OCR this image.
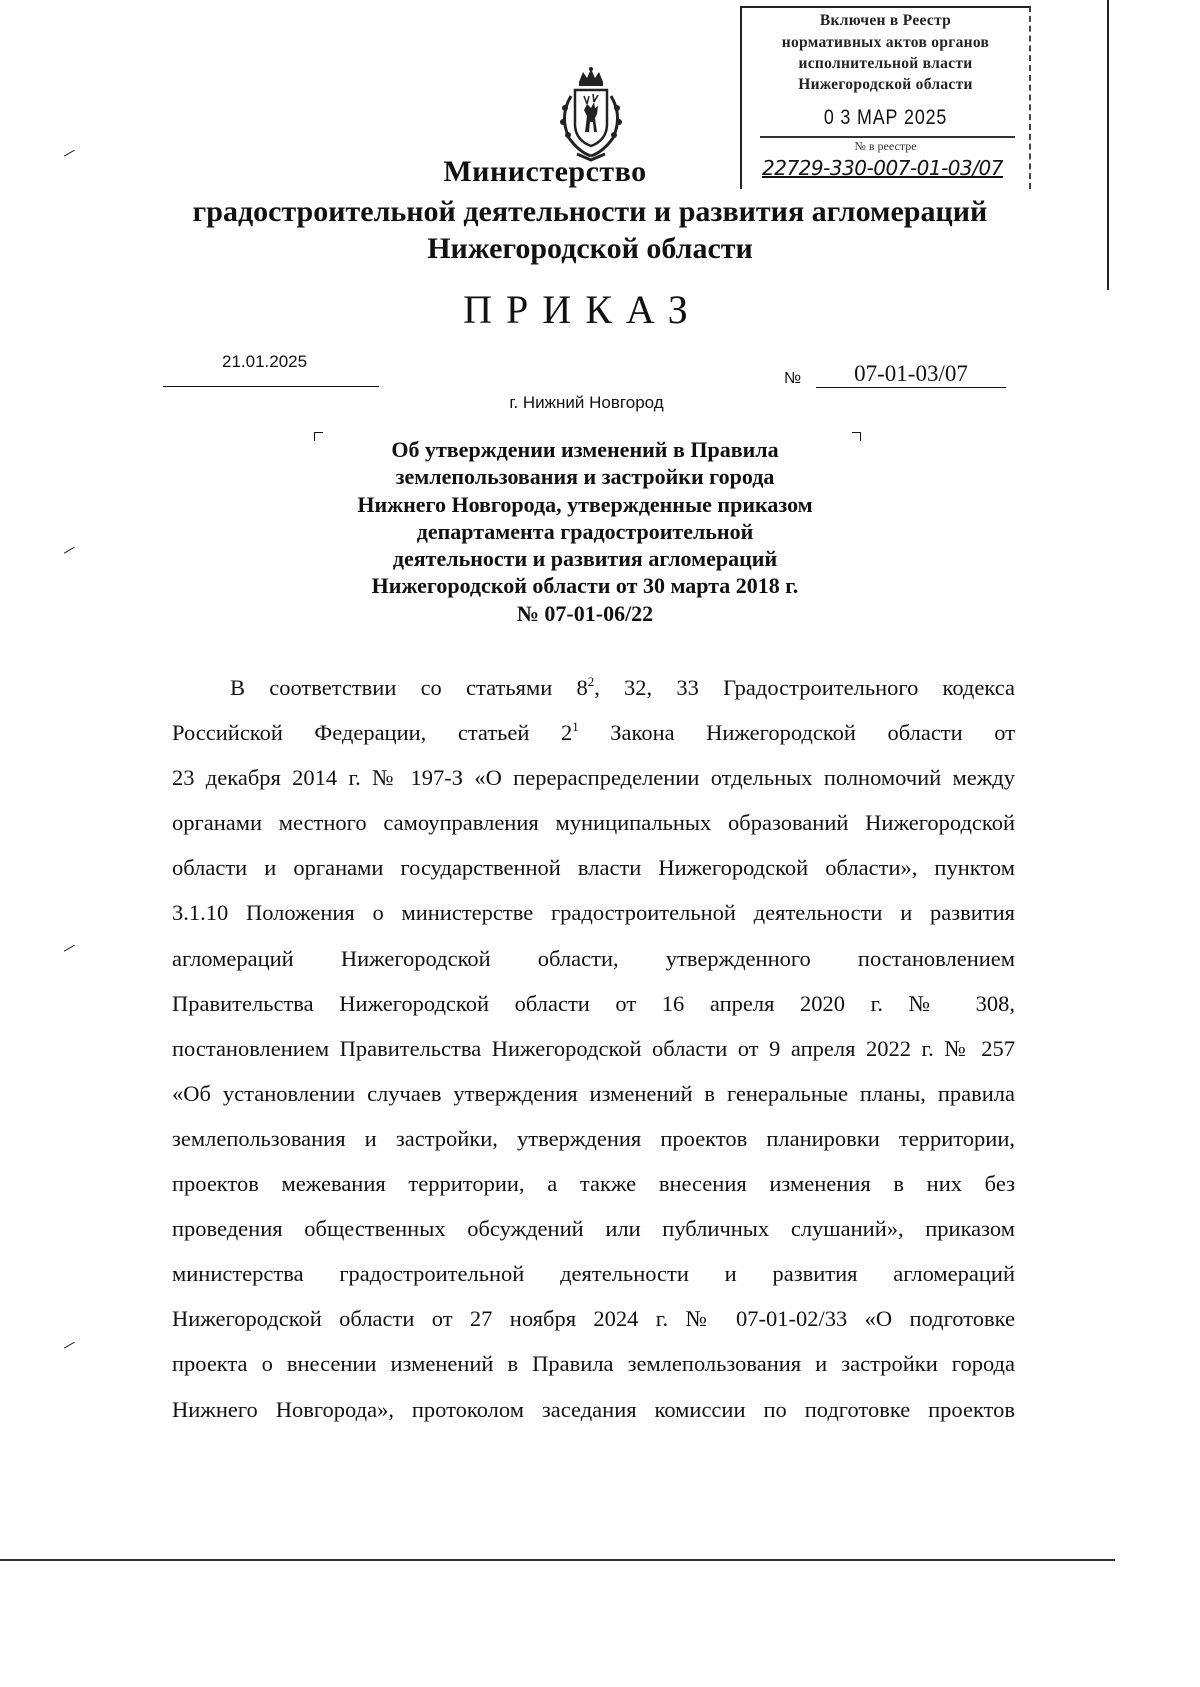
Включен в Реестр
нормативных актов органов
исполнительной власти
Нижегородской области
0 3 МАР 2025
№ в реестре
22729-330-007-01-03/07
Министерство
градостроительной деятельности и развития агломераций
Нижегородской области
ПРИКАЗ
21.01.2025
№	07-01-03/07
г. Нижний Новгород
Об утверждении изменений в Правила
землепользования и застройки города
Нижнего Новгорода, утвержденные приказом
департамента градостроительной
деятельности и развития агломераций
Нижегородской области от 30 марта 2018 г.
№ 07-01-06/22
В соответствии со статьями $8^2$, 32, 33 Градостроительного кодекса
Российской Федерации, статьей $2^1$ Закона Нижегородской области от
23 декабря 2014 г. № 197-З «О перераспределении отдельных полномочий между
органами местного самоуправления муниципальных образований Нижегородской
области и органами государственной власти Нижегородской области», пунктом
3.1.10 Положения о министерстве градостроительной деятельности и развития
агломераций Нижегородской области, утвержденного постановлением
Правительства Нижегородской области от 16 апреля 2020 г. № 308,
постановлением Правительства Нижегородской области от 9 апреля 2022 г. № 257
«Об установлении случаев утверждения изменений в генеральные планы, правила
землепользования и застройки, утверждения проектов планировки территории,
проектов межевания территории, а также внесения изменения в них без
проведения общественных обсуждений или публичных слушаний», приказом
министерства градостроительной деятельности и развития агломераций
Нижегородской области от 27 ноября 2024 г. № 07-01-02/33 «О подготовке
проекта о внесении изменений в Правила землепользования и застройки города
Нижнего Новгорода», протоколом заседания комиссии по подготовке проектов
